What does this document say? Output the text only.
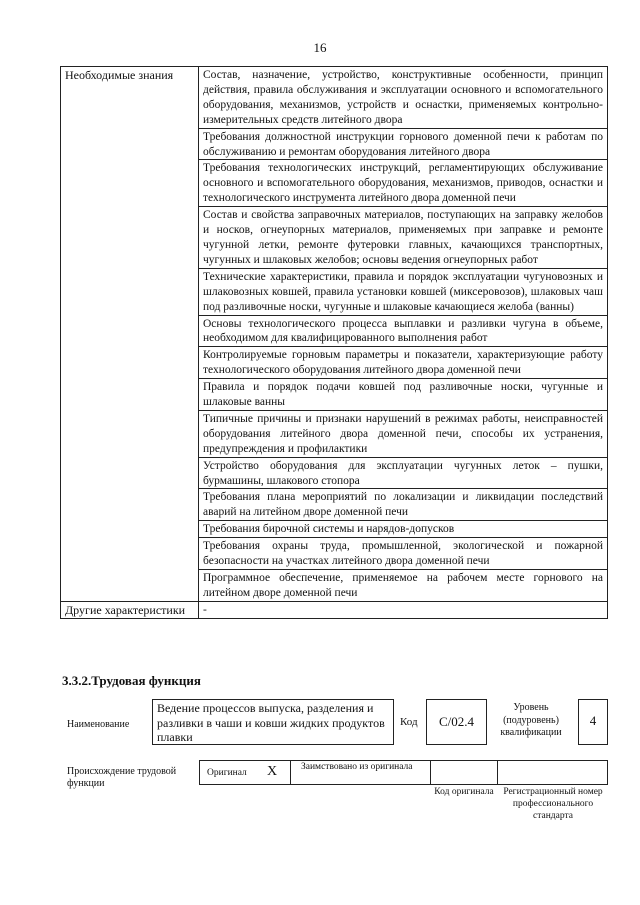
16
Необходимые знания	Состав, назначение, устройство, конструктивные особенности, принцип действия, правила обслуживания и эксплуатации основного и вспомогательного оборудования, механизмов, устройств и оснастки, применяемых контрольно-измерительных средств литейного двора
	Требования должностной инструкции горнового доменной печи к работам по обслуживанию и ремонтам оборудования литейного двора
	Требования технологических инструкций, регламентирующих обслуживание основного и вспомогательного оборудования, механизмов, приводов, оснастки и технологического инструмента литейного двора доменной печи
	Состав и свойства заправочных материалов, поступающих на заправку желобов и носков, огнеупорных материалов, применяемых при заправке и ремонте чугунной летки, ремонте футеровки главных, качающихся транспортных, чугунных и шлаковых желобов; основы ведения огнеупорных работ
	Технические характеристики, правила и порядок эксплуатации чугуновозных и шлаковозных ковшей, правила установки ковшей (миксеровозов), шлаковых чаш под разливочные носки, чугунные и шлаковые качающиеся желоба (ванны)
	Основы технологического процесса выплавки и разливки чугуна в объеме, необходимом для квалифицированного выполнения работ
	Контролируемые горновым параметры и показатели, характеризующие работу технологического оборудования литейного двора доменной печи
	Правила и порядок подачи ковшей под разливочные носки, чугунные и шлаковые ванны
	Типичные причины и признаки нарушений в режимах работы, неисправностей оборудования литейного двора доменной печи, способы их устранения, предупреждения и профилактики
	Устройство оборудования для эксплуатации чугунных леток – пушки, бурмашины, шлакового стопора
	Требования плана мероприятий по локализации и ликвидации последствий аварий на литейном дворе доменной печи
	Требования бирочной системы и нарядов-допусков
	Требования охраны труда, промышленной, экологической и пожарной безопасности на участках литейного двора доменной печи
	Программное обеспечение, применяемое на рабочем месте горнового на литейном дворе доменной печи
Другие характеристики	-
3.3.2.Трудовая функция
Наименование
Ведение процессов выпуска, разделения и разливки в чаши и ковши жидких продуктов плавки
Код	С/02.4
Уровень (подуровень) квалификации
4
Происхождение трудовой функции
Оригинал X	Заимствовано из оригинала
Код оригинала	Регистрационный номер профессионального стандарта
